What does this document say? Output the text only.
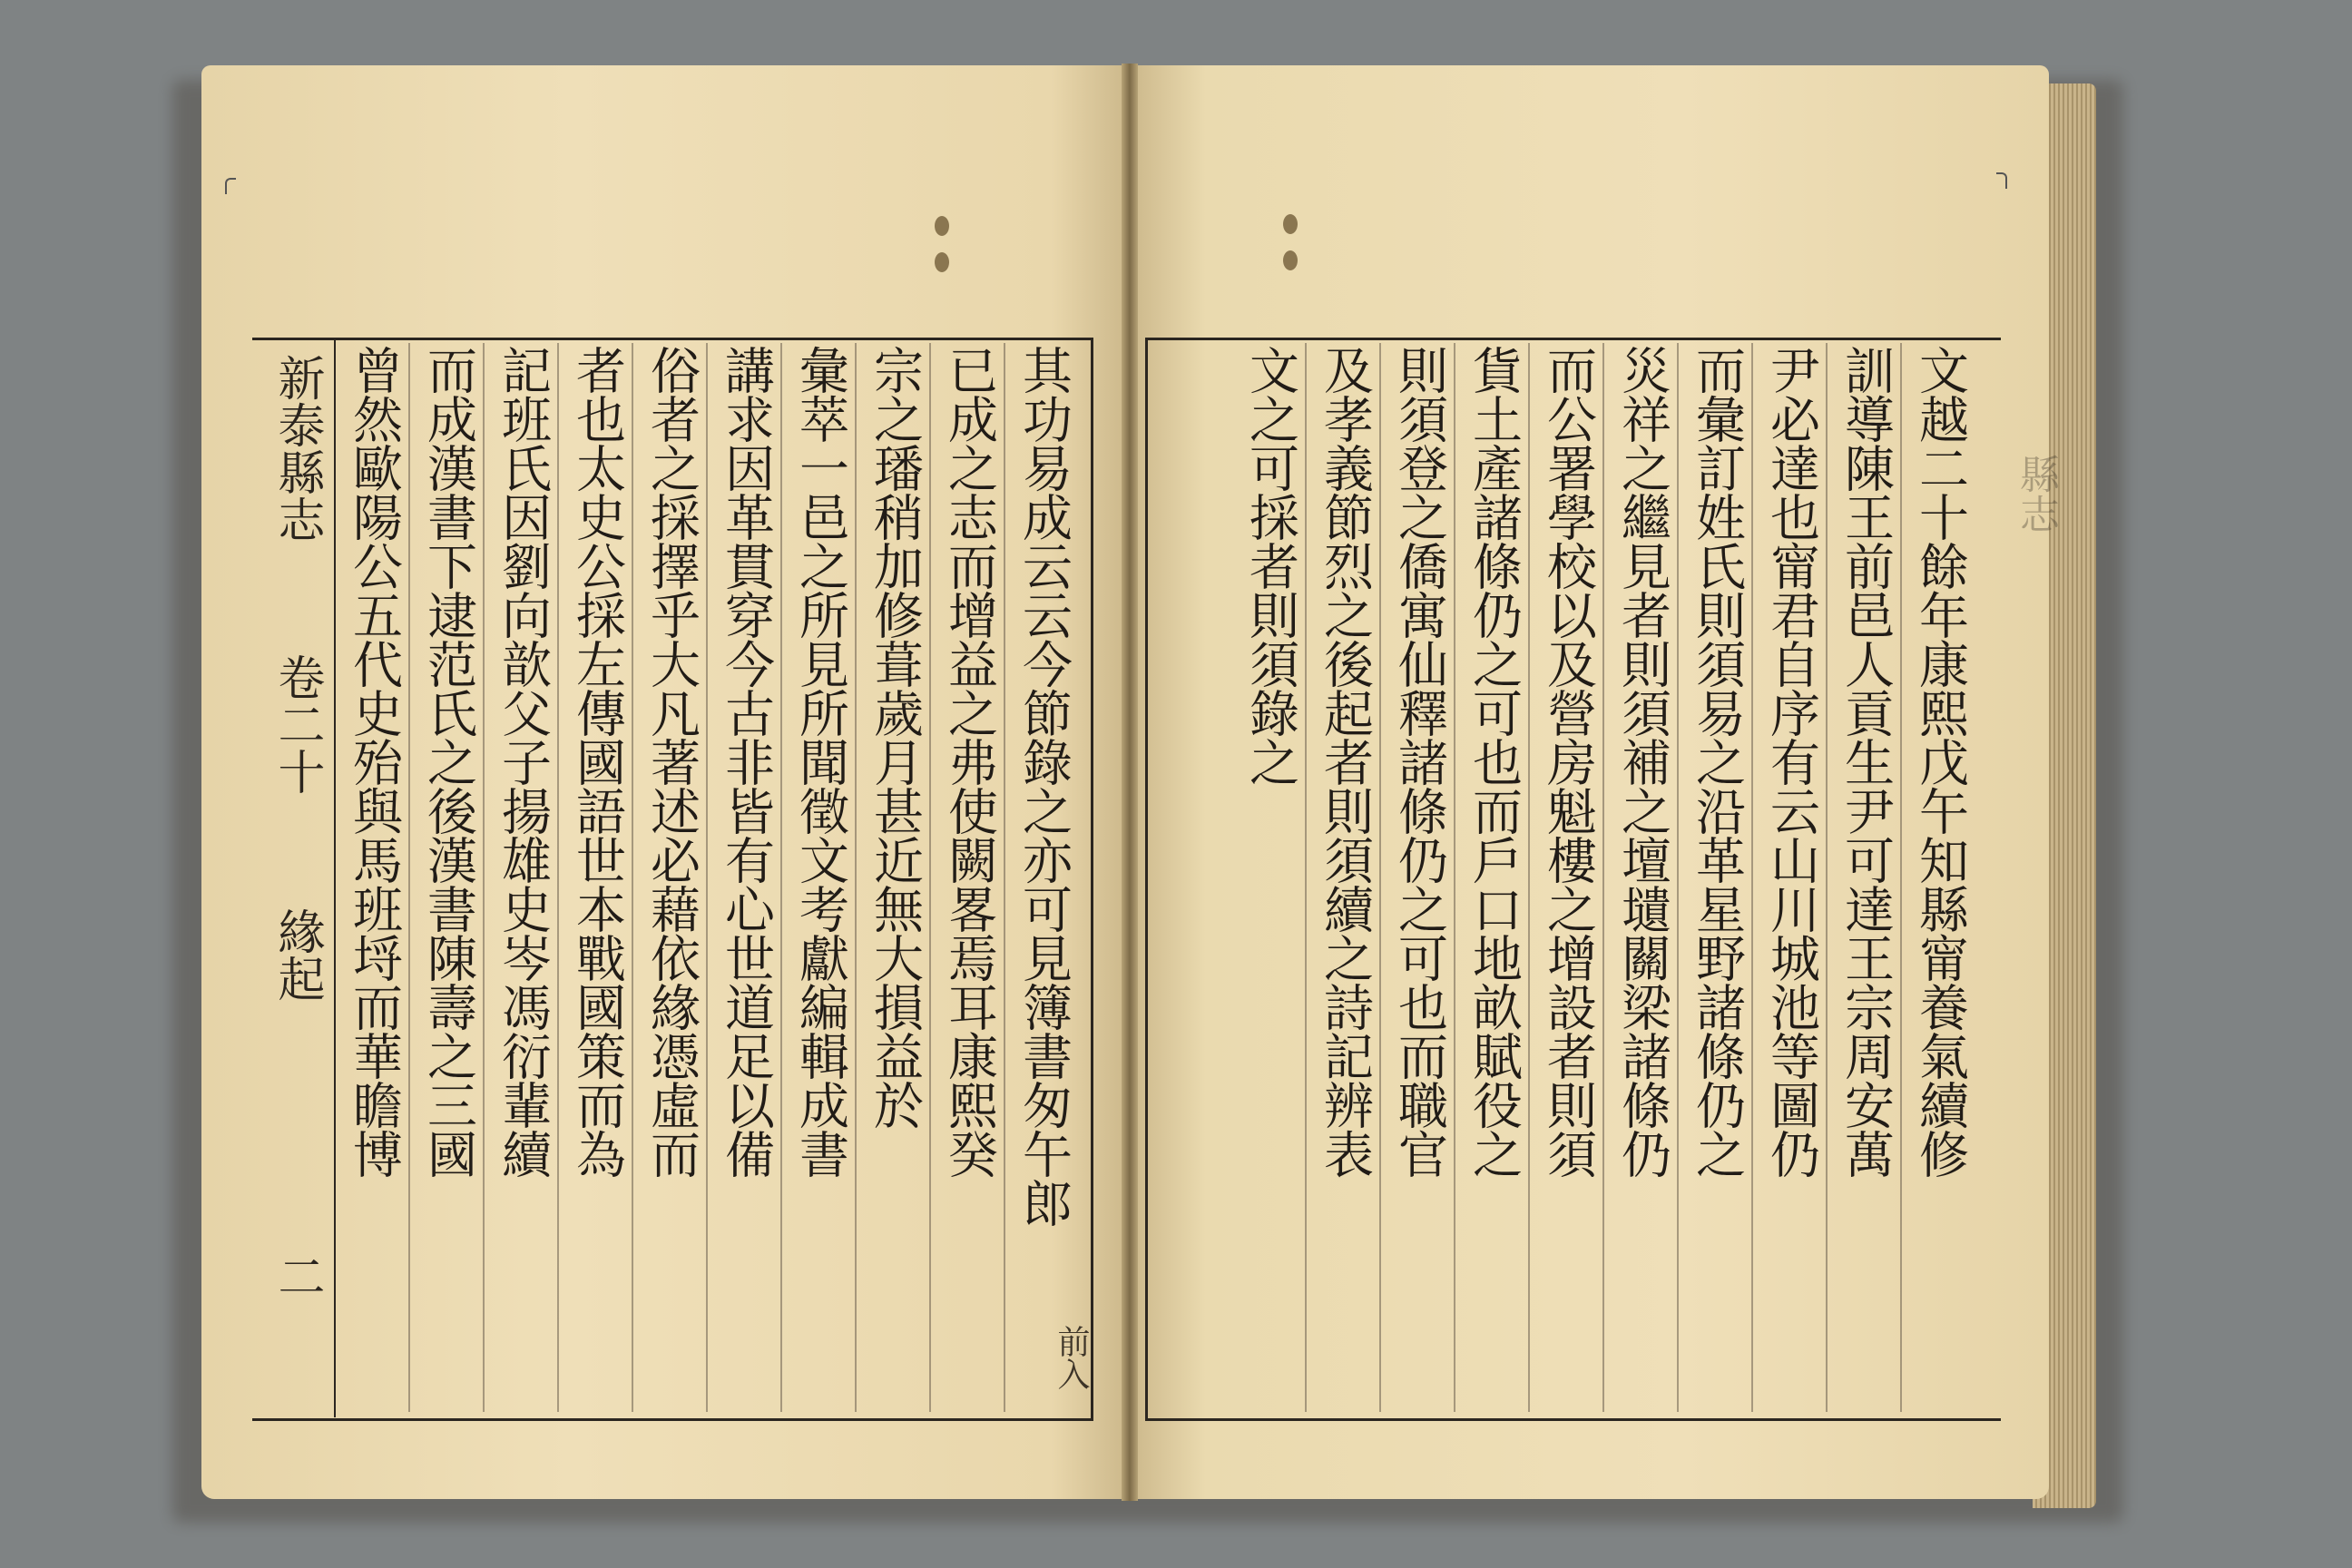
新泰縣志
卷二十
緣起
二
其功易成云云今節錄之亦可見簿書匆午郎
已成之志而增益之弗使闕畧焉耳康熙癸
宗之璠稍加修葺歲月甚近無大損益於
彙萃一邑之所見所聞徵文考獻編輯成書
講求因革貫穿今古非皆有心世道足以備
俗者之採擇乎大凡著述必藉依緣憑虛而
者也太史公採左傳國語世本戰國策而為
記班氏因劉向歆父子揚雄史岑馮衍輩續
而成漢書下逮范氏之後漢書陳壽之三國
曾然歐陽公五代史殆與馬班埒而華瞻博
前入
文越二十餘年康熙戊午知縣甯養氣續修
訓導陳王前邑人貢生尹可達王宗周安萬
尹必達也甯君自序有云山川城池等圖仍
而彙訂姓氏則須易之沿革星野諸條仍之
災祥之繼見者則須補之壇壝關梁諸條仍
而公署學校以及營房魁樓之增設者則須
貨土產諸條仍之可也而戶口地畝賦役之
則須登之僑寓仙釋諸條仍之可也而職官
及孝義節烈之後起者則須續之詩記辨表
文之可採者則須錄之	縣志
